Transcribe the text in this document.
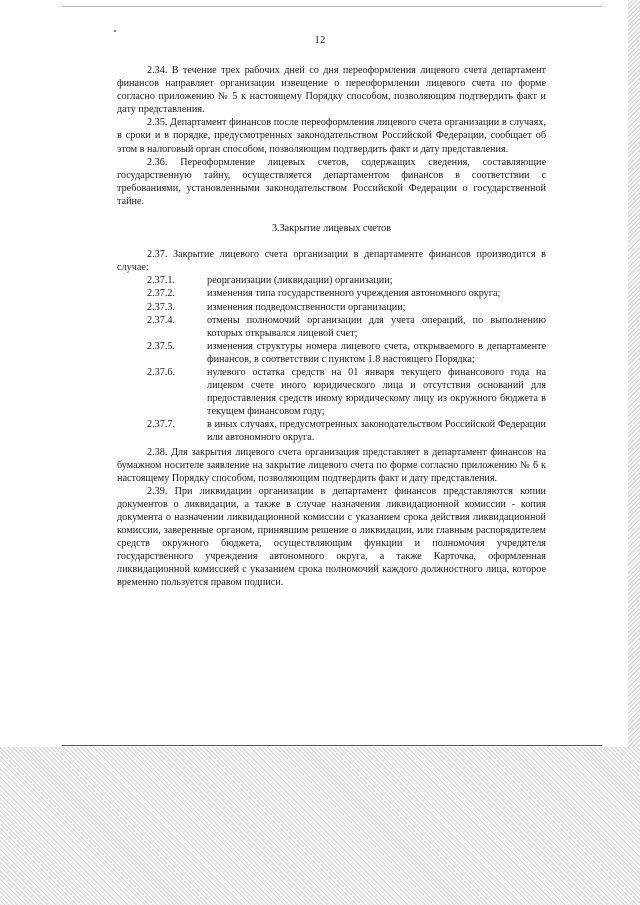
12

2.34. В течение трех рабочих дней со дня переоформления лицевого счета департамент финансов направляет организации извещение о переоформлении лицевого счета по форме согласно приложению № 5 к настоящему Порядку способом, позволяющим подтвердить факт и дату представления.

2.35. Департамент финансов после переоформления лицевого счета организации в случаях, в сроки и в порядке, предусмотренных законодательством Российской Федерации, сообщает об этом в налоговый орган способом, позволяющим подтвердить факт и дату представления.

2.36. Переоформление лицевых счетов, содержащих сведения, составляющие государственную тайну, осуществляется департаментом финансов в соответствии с требованиями, установленными законодательством Российской Федерации о государственной тайне.

3.Закрытие лицевых счетов

2.37. Закрытие лицевого счета организации в департаменте финансов производится в случае:

2.37.1.	реорганизации (ликвидации) организации;
2.37.2.	изменения типа государственного учреждения автономного округа;
2.37.3.	изменения подведомственности организации;
2.37.4.	отмены полномочий организации для учета операций, по выполнению которых открывался лицевой счет;
2.37.5.	изменения структуры номера лицевого счета, открываемого в департаменте финансов, в соответствии с пунктом 1.8 настоящего Порядка;
2.37.6.	нулевого остатка средств на 01 января текущего финансового года на лицевом счете иного юридического лица и отсутствия оснований для предоставления средств иному юридическому лицу из окружного бюджета в текущем финансовом году;
2.37.7.	в иных случаях, предусмотренных законодательством Российской Федерации или автономного округа.

2.38. Для закрытия лицевого счета организация представляет в департамент финансов на бумажном носителе заявление на закрытие лицевого счета по форме согласно приложению № 6 к настоящему Порядку способом, позволяющим подтвердить факт и дату представления.

2.39. При ликвидации организации в департамент финансов представляются копии документов о ликвидации, а также в случае назначения ликвидационной комиссии - копия документа о назначении ликвидационной комиссии с указанием срока действия ликвидационной комиссии, заверенные органом, принявшим решение о ликвидации, или главным распорядителем средств окружного бюджета, осуществляющим функции и полномочия учредителя государственного учреждения автономного округа, а также Карточка, оформленная ликвидационной комиссией с указанием срока полномочий каждого должностного лица, которое временно пользуется правом подписи.
